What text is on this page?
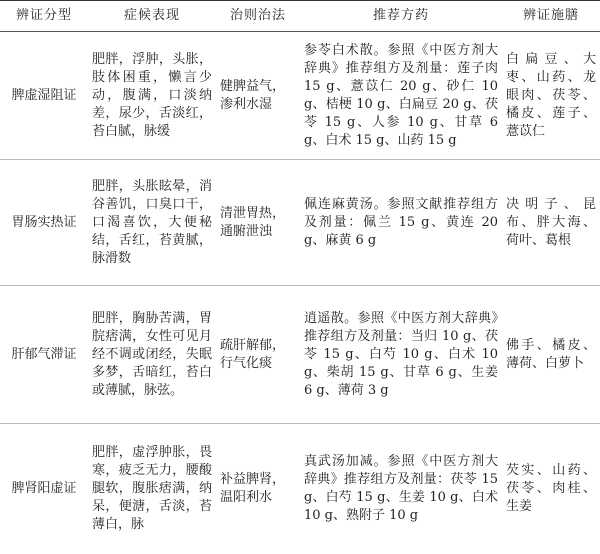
辨证分型	症候表现	治则治法	推荐方药	辨证施膳
脾虚湿阻证	肥胖，浮肿，头胀，肢体困重，懒言少动，腹满，口淡纳差，尿少，舌淡红，苔白腻，脉缓	健脾益气，渗利水湿	参苓白术散。参照《中医方剂大辞典》推荐组方及剂量：莲子肉 15 g、薏苡仁 20 g、砂仁 10 g、桔梗 10 g、白扁豆 20 g、茯苓 15 g、人参 10 g、甘草 6 g、白术 15 g、山药 15 g	白扁豆、大枣、山药、龙眼肉、茯苓、橘皮、莲子、薏苡仁

胃肠实热证	肥胖，头胀眩晕，消谷善饥，口臭口干，口渴喜饮，大便秘结，舌红，苔黄腻，脉滑数	清泄胃热，通腑泄浊	佩连麻黄汤。参照文献推荐组方及剂量：佩兰 15 g、黄连 20 g、麻黄 6 g	决明子、昆布、胖大海、荷叶、葛根

肝郁气滞证	肥胖，胸胁苦满，胃脘痞满，女性可见月经不调或闭经，失眠多梦，舌暗红，苔白或薄腻，脉弦。	疏肝解郁，行气化痰	逍遥散。参照《中医方剂大辞典》推荐组方及剂量：当归 10 g、茯苓 15 g、白芍 10 g、白术 10 g、柴胡 15 g、甘草 6 g、生姜 6 g、薄荷 3 g	佛手、橘皮、薄荷、白萝卜

脾肾阳虚证	肥胖，虚浮肿胀，畏寒，疲乏无力，腰酸腿软，腹胀痞满，纳呆，便溏，舌淡，苔薄白，脉	补益脾肾，温阳利水	真武汤加减。参照《中医方剂大辞典》推荐组方及剂量：茯苓 15 g、白芍 15 g、生姜 10 g、白术 10 g、熟附子 10 g	芡实、山药、茯苓、肉桂、生姜
